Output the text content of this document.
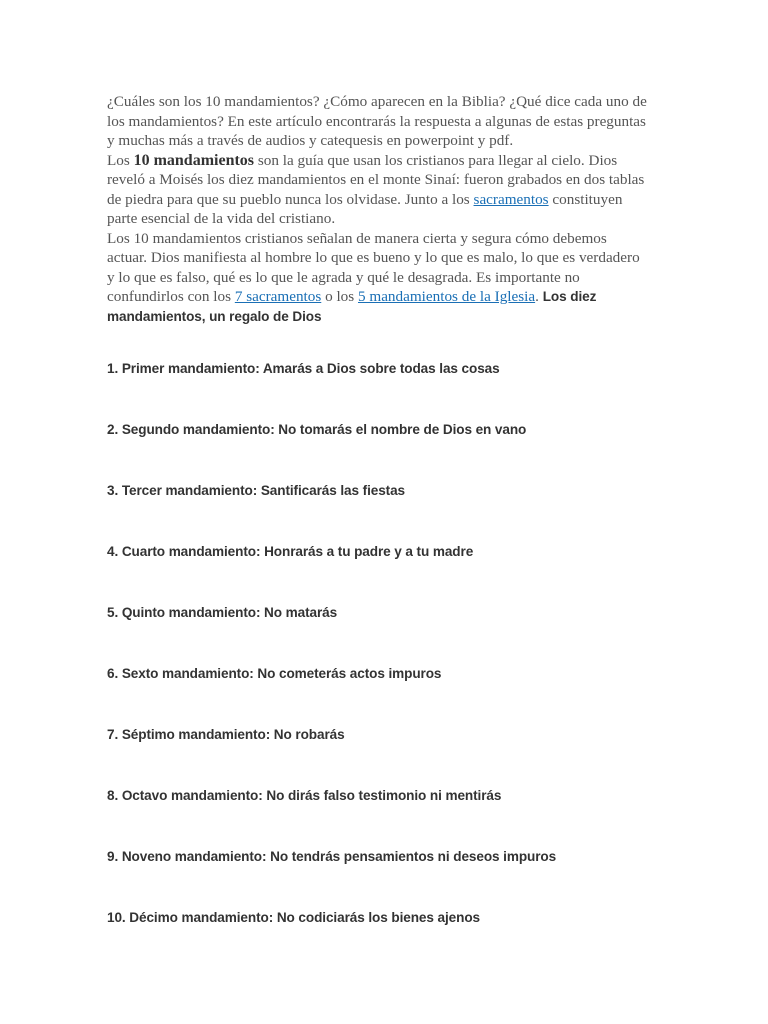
¿Cuáles son los 10 mandamientos? ¿Cómo aparecen en la Biblia? ¿Qué dice cada uno de los mandamientos? En este artículo encontrarás la respuesta a algunas de estas preguntas y muchas más a través de audios y catequesis en powerpoint y pdf.

Los 10 mandamientos son la guía que usan los cristianos para llegar al cielo. Dios reveló a Moisés los diez mandamientos en el monte Sinaí: fueron grabados en dos tablas de piedra para que su pueblo nunca los olvidase. Junto a los sacramentos constituyen parte esencial de la vida del cristiano.

Los 10 mandamientos cristianos señalan de manera cierta y segura cómo debemos actuar. Dios manifiesta al hombre lo que es bueno y lo que es malo, lo que es verdadero y lo que es falso, qué es lo que le agrada y qué le desagrada. Es importante no confundirlos con los 7 sacramentos o los 5 mandamientos de la Iglesia. Los diez mandamientos, un regalo de Dios

1. Primer mandamiento: Amarás a Dios sobre todas las cosas
2. Segundo mandamiento: No tomarás el nombre de Dios en vano
3. Tercer mandamiento: Santificarás las fiestas
4. Cuarto mandamiento: Honrarás a tu padre y a tu madre
5. Quinto mandamiento: No matarás
6. Sexto mandamiento: No cometerás actos impuros
7. Séptimo mandamiento: No robarás
8. Octavo mandamiento: No dirás falso testimonio ni mentirás
9. Noveno mandamiento: No tendrás pensamientos ni deseos impuros
10. Décimo mandamiento: No codiciarás los bienes ajenos
